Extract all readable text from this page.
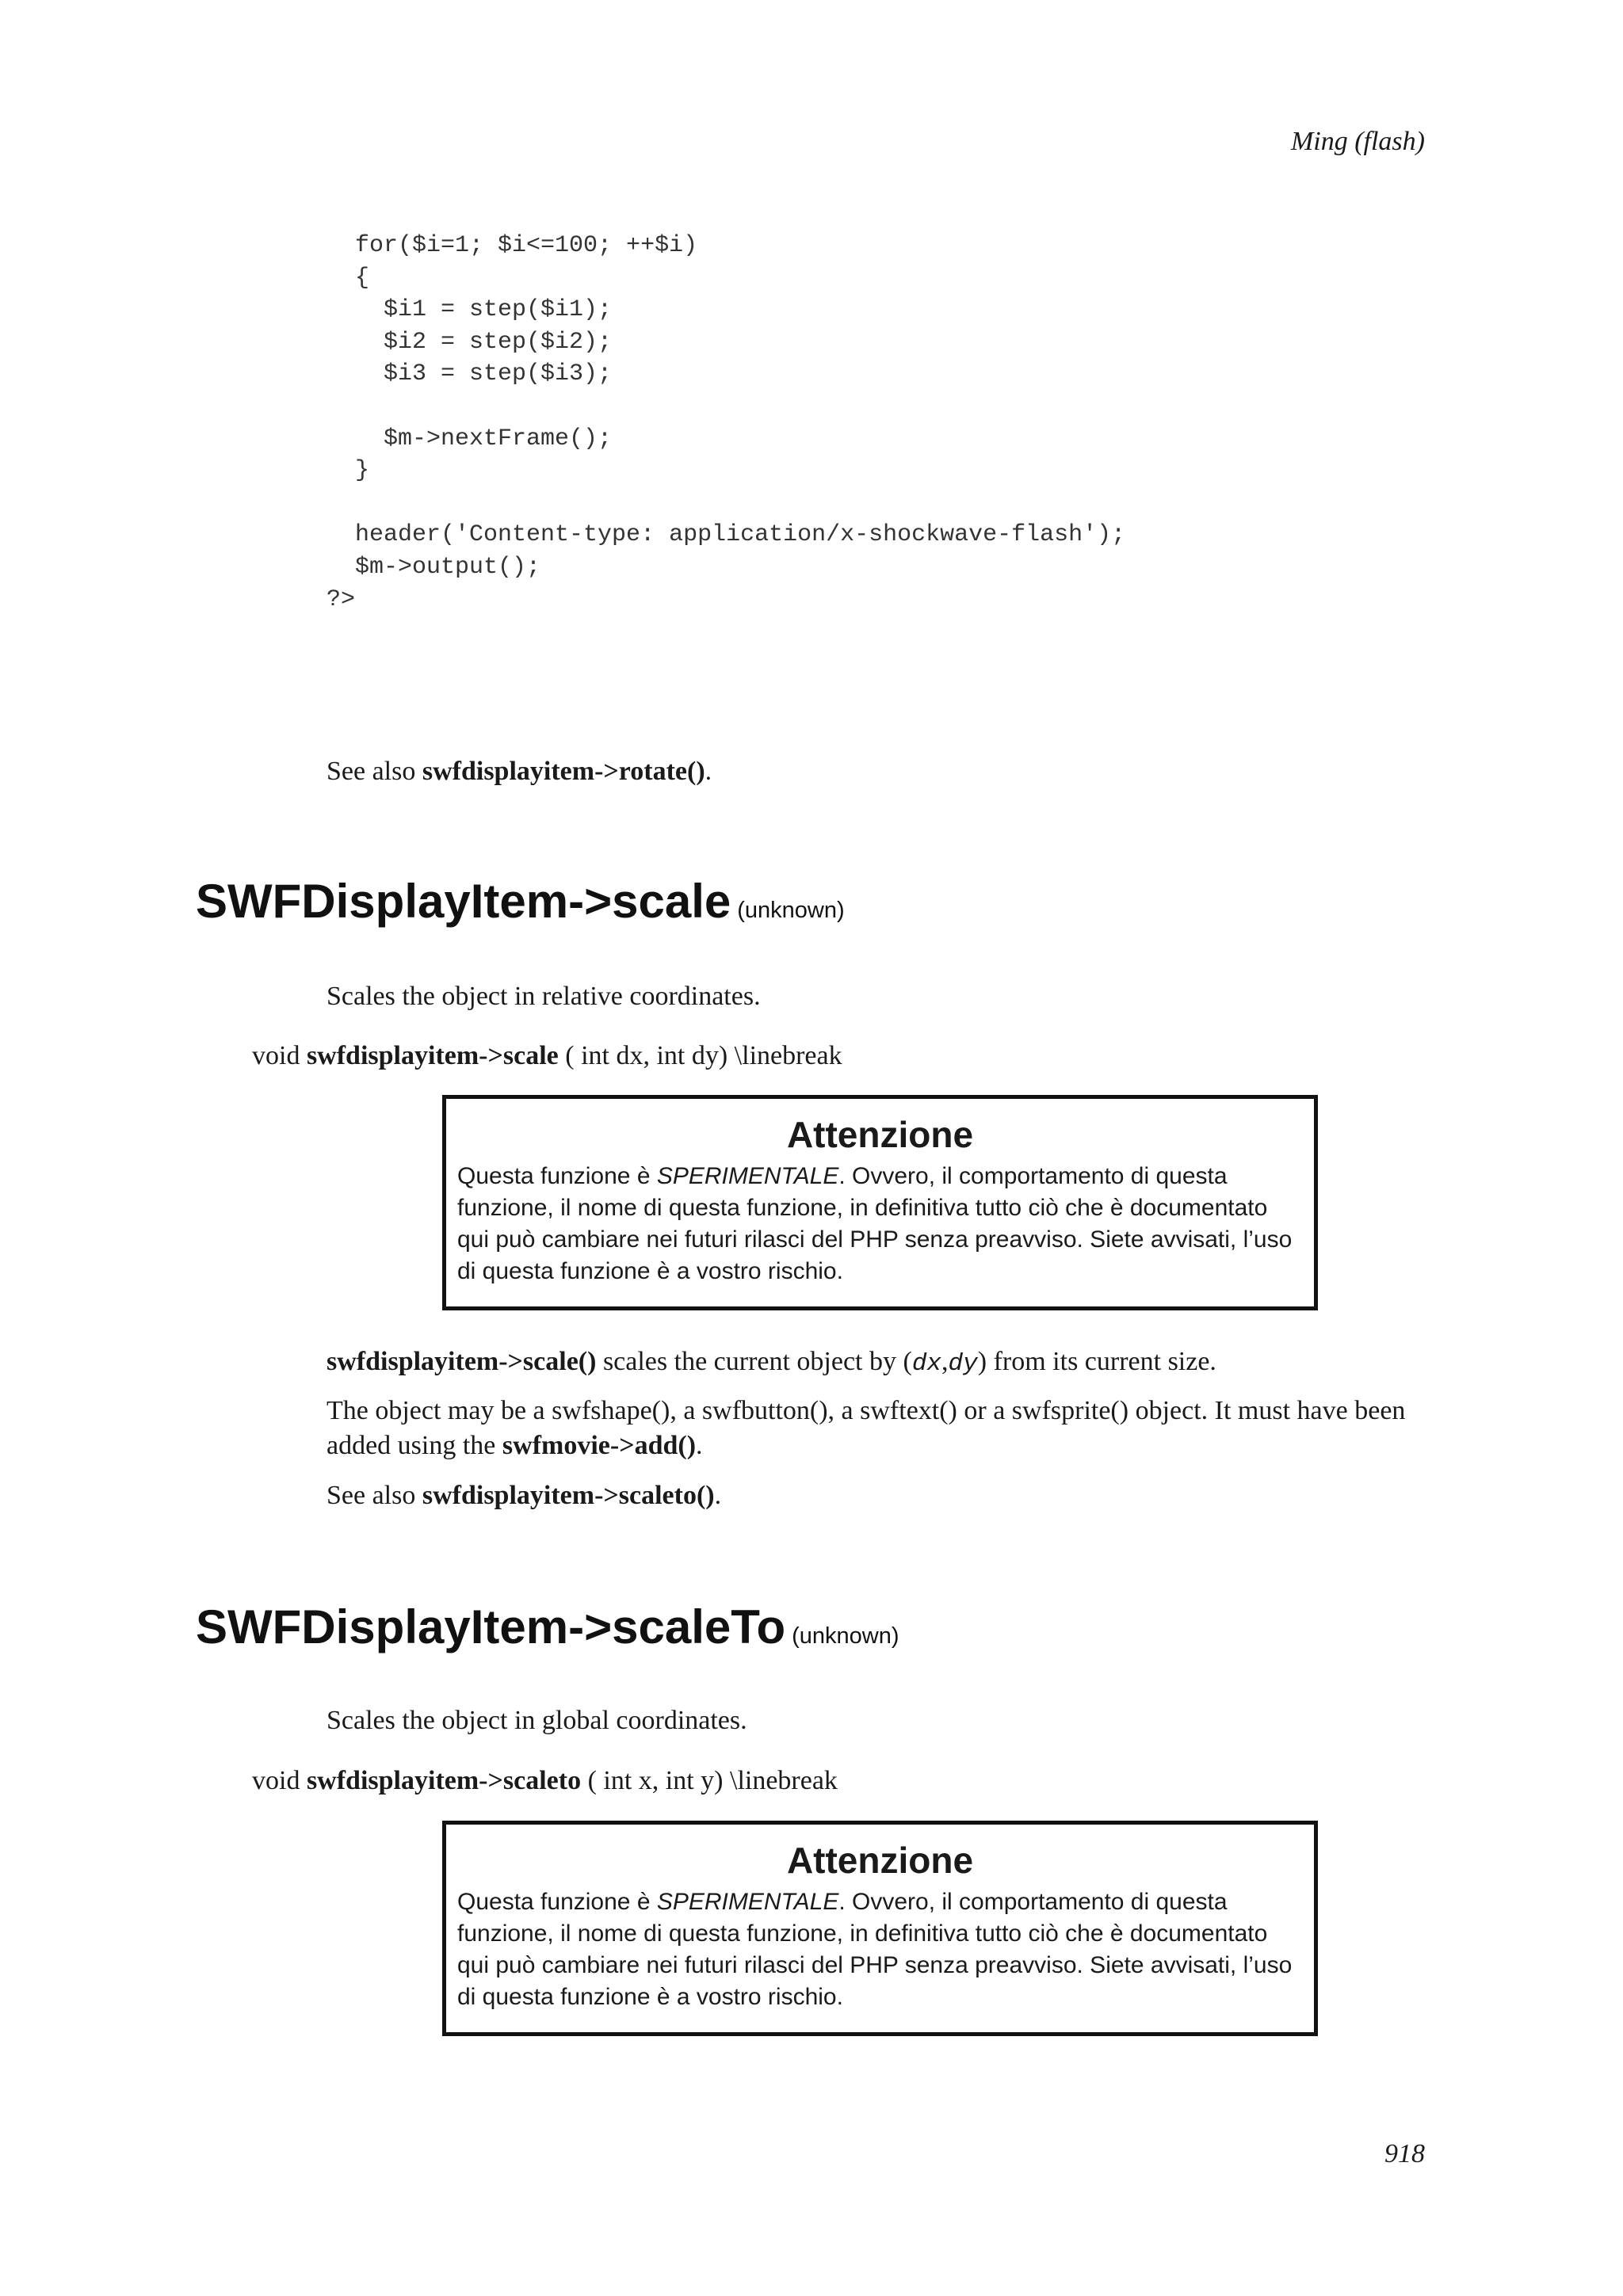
Ming (flash)
for($i=1; $i<=100; ++$i)
{
$i1 = step($i1);
$i2 = step($i2);
$i3 = step($i3);

$m->nextFrame();
}

header('Content-type: application/x-shockwave-flash');
$m->output();
?>
See also swfdisplayitem->rotate().
SWFDisplayItem->scale (unknown)
Scales the object in relative coordinates.
void swfdisplayitem->scale ( int dx, int dy) \linebreak
Attenzione
Questa funzione è SPERIMENTALE. Ovvero, il comportamento di questa funzione, il nome di questa funzione, in definitiva tutto ciò che è documentato qui può cambiare nei futuri rilasci del PHP senza preavviso. Siete avvisati, l’uso di questa funzione è a vostro rischio.
swfdisplayitem->scale() scales the current object by (dx,dy) from its current size.
The object may be a swfshape(), a swfbutton(), a swftext() or a swfsprite() object. It must have been added using the swfmovie->add().
See also swfdisplayitem->scaleto().
SWFDisplayItem->scaleTo (unknown)
Scales the object in global coordinates.
void swfdisplayitem->scaleto ( int x, int y) \linebreak
Attenzione
Questa funzione è SPERIMENTALE. Ovvero, il comportamento di questa funzione, il nome di questa funzione, in definitiva tutto ciò che è documentato qui può cambiare nei futuri rilasci del PHP senza preavviso. Siete avvisati, l’uso di questa funzione è a vostro rischio.
918
